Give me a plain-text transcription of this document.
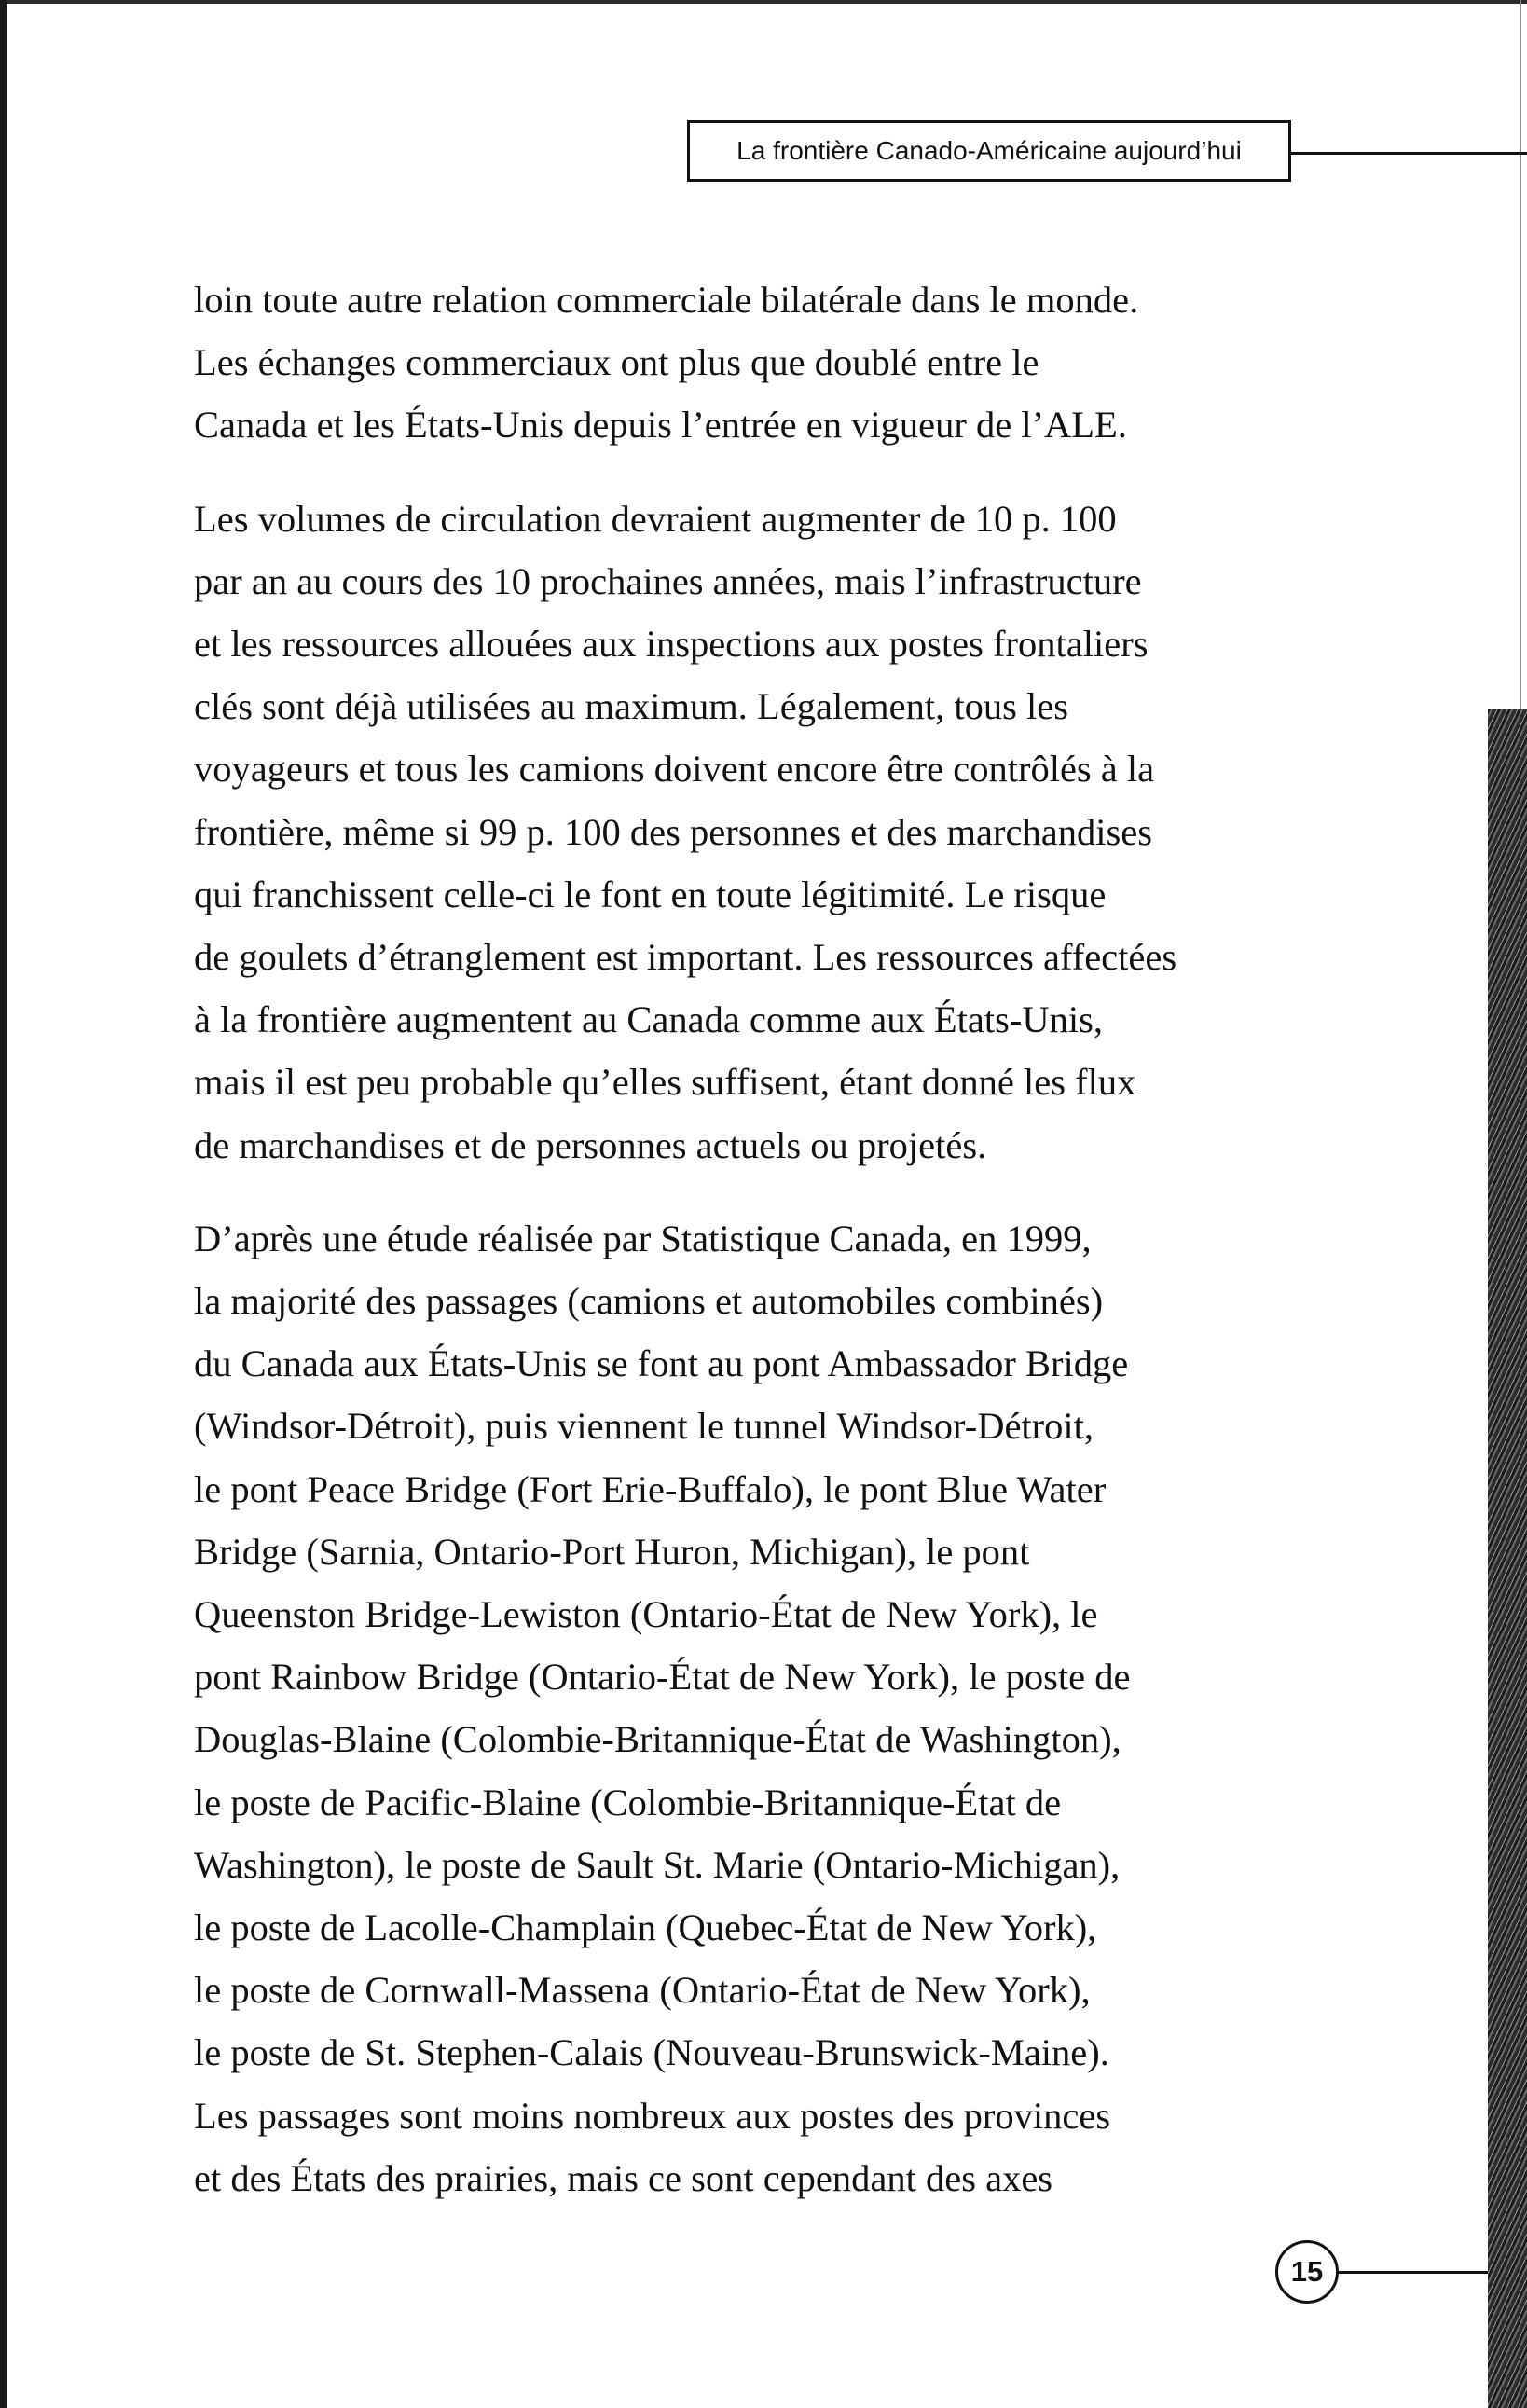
La frontière Canado-Américaine aujourd’hui

loin toute autre relation commerciale bilatérale dans le monde.
Les échanges commerciaux ont plus que doublé entre le
Canada et les États-Unis depuis l’entrée en vigueur de l’ALE.

Les volumes de circulation devraient augmenter de 10 p. 100
par an au cours des 10 prochaines années, mais l’infrastructure
et les ressources allouées aux inspections aux postes frontaliers
clés sont déjà utilisées au maximum. Légalement, tous les
voyageurs et tous les camions doivent encore être contrôlés à la
frontière, même si 99 p. 100 des personnes et des marchandises
qui franchissent celle-ci le font en toute légitimité. Le risque
de goulets d’étranglement est important. Les ressources affectées
à la frontière augmentent au Canada comme aux États-Unis,
mais il est peu probable qu’elles suffisent, étant donné les flux
de marchandises et de personnes actuels ou projetés.

D’après une étude réalisée par Statistique Canada, en 1999,
la majorité des passages (camions et automobiles combinés)
du Canada aux États-Unis se font au pont Ambassador Bridge
(Windsor-Détroit), puis viennent le tunnel Windsor-Détroit,
le pont Peace Bridge (Fort Erie-Buffalo), le pont Blue Water
Bridge (Sarnia, Ontario-Port Huron, Michigan), le pont
Queenston Bridge-Lewiston (Ontario-État de New York), le
pont Rainbow Bridge (Ontario-État de New York), le poste de
Douglas-Blaine (Colombie-Britannique-État de Washington),
le poste de Pacific-Blaine (Colombie-Britannique-État de
Washington), le poste de Sault St. Marie (Ontario-Michigan),
le poste de Lacolle-Champlain (Quebec-État de New York),
le poste de Cornwall-Massena (Ontario-État de New York),
le poste de St. Stephen-Calais (Nouveau-Brunswick-Maine).
Les passages sont moins nombreux aux postes des provinces
et des États des prairies, mais ce sont cependant des axes

15
